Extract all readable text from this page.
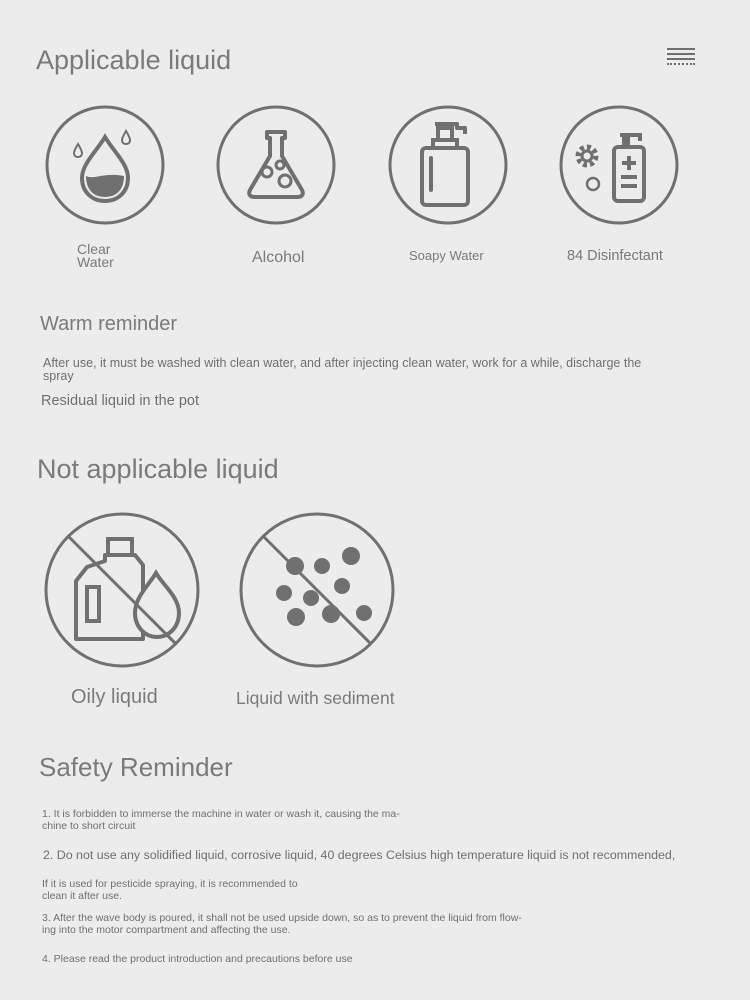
Applicable liquid
Clear
Water	Alcohol	Soapy Water	84 Disinfectant
Warm reminder
After use, it must be washed with clean water, and after injecting clean water, work for a while, discharge the
spray
Residual liquid in the pot
Not applicable liquid
Oily liquid	Liquid with sediment
Safety Reminder
1. It is forbidden to immerse the machine in water or wash it, causing the ma-
chine to short circuit
2. Do not use any solidified liquid, corrosive liquid, 40 degrees Celsius high temperature liquid is not recommended,
If it is used for pesticide spraying, it is recommended to
clean it after use.
3. After the wave body is poured, it shall not be used upside down, so as to prevent the liquid from flow-
ing into the motor compartment and affecting the use.
4. Please read the product introduction and precautions before use
